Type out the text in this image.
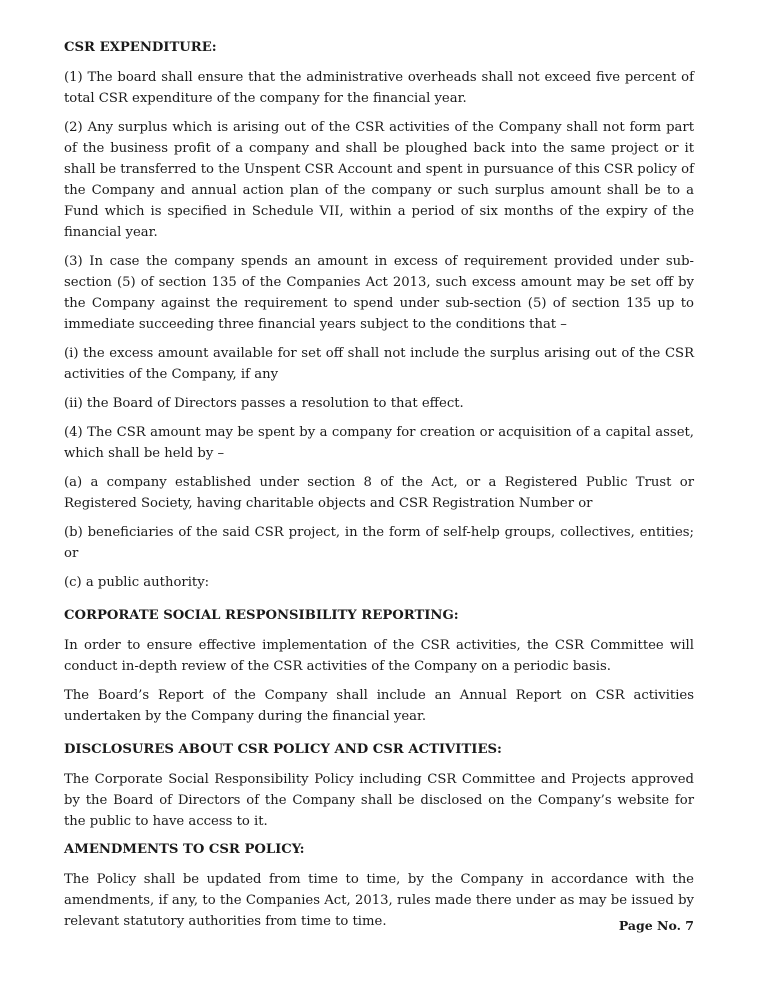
CSR EXPENDITURE:

(1) The board shall ensure that the administrative overheads shall not exceed five percent of total CSR expenditure of the company for the financial year.

(2) Any surplus which is arising out of the CSR activities of the Company shall not form part of the business profit of a company and shall be ploughed back into the same project or it shall be transferred to the Unspent CSR Account and spent in pursuance of this CSR policy of the Company and annual action plan of the company or such surplus amount shall be to a Fund which is specified in Schedule VII, within a period of six months of the expiry of the financial year.

(3) In case the company spends an amount in excess of requirement provided under sub-section (5) of section 135 of the Companies Act 2013, such excess amount may be set off by the Company against the requirement to spend under sub-section (5) of section 135 up to immediate succeeding three financial years subject to the conditions that –

(i) the excess amount available for set off shall not include the surplus arising out of the CSR activities of the Company, if any

(ii) the Board of Directors passes a resolution to that effect.

(4) The CSR amount may be spent by a company for creation or acquisition of a capital asset, which shall be held by –

(a) a company established under section 8 of the Act, or a Registered Public Trust or Registered Society, having charitable objects and CSR Registration Number or

(b) beneficiaries of the said CSR project, in the form of self-help groups, collectives, entities; or

(c) a public authority:

CORPORATE SOCIAL RESPONSIBILITY REPORTING:

In order to ensure effective implementation of the CSR activities, the CSR Committee will conduct in-depth review of the CSR activities of the Company on a periodic basis.

The Board’s Report of the Company shall include an Annual Report on CSR activities undertaken by the Company during the financial year.

DISCLOSURES ABOUT CSR POLICY AND CSR ACTIVITIES:

The Corporate Social Responsibility Policy including CSR Committee and Projects approved by the Board of Directors of the Company shall be disclosed on the Company’s website for the public to have access to it.

AMENDMENTS TO CSR POLICY:

The Policy shall be updated from time to time, by the Company in accordance with the amendments, if any, to the Companies Act, 2013, rules made there under as may be issued by relevant statutory authorities from time to time.	Page No. 7
